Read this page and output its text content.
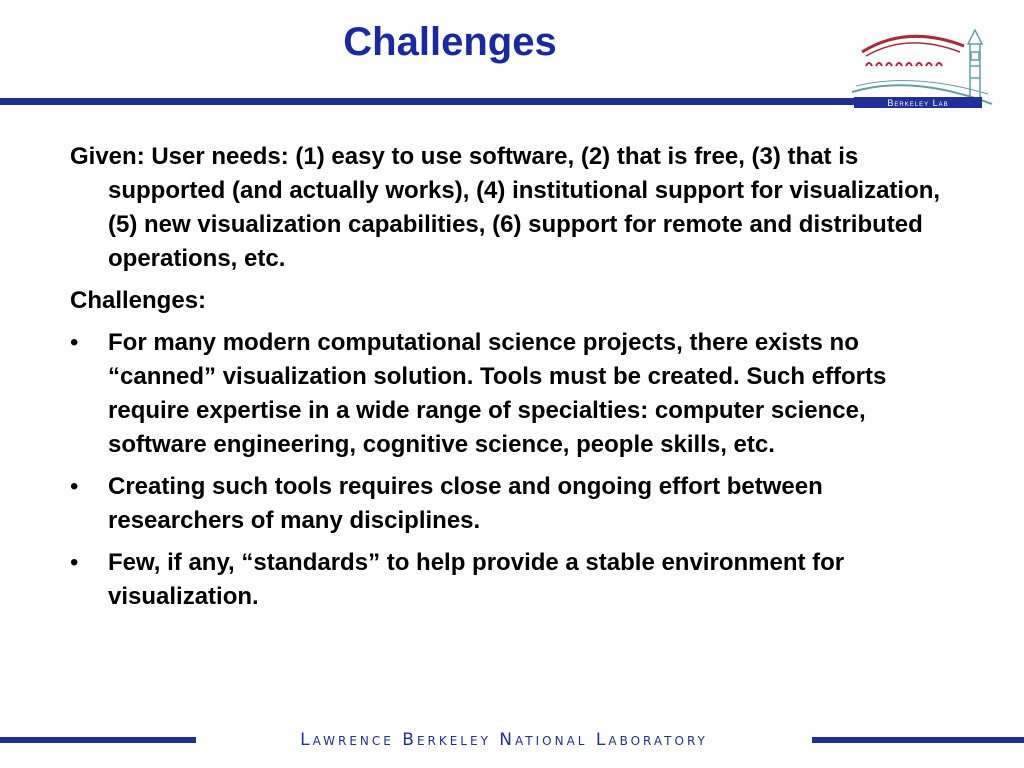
Challenges
Berkeley Lab

Given: User needs: (1) easy to use software, (2) that is free, (3) that is supported (and actually works), (4) institutional support for visualization, (5) new visualization capabilities, (6) support for remote and distributed operations, etc.

Challenges:

•	For many modern computational science projects, there exists no “canned” visualization solution. Tools must be created. Such efforts require expertise in a wide range of specialties: computer science, software engineering, cognitive science, people skills, etc.
•	Creating such tools requires close and ongoing effort between researchers of many disciplines.
•	Few, if any, “standards” to help provide a stable environment for visualization.
Lawrence Berkeley National Laboratory
